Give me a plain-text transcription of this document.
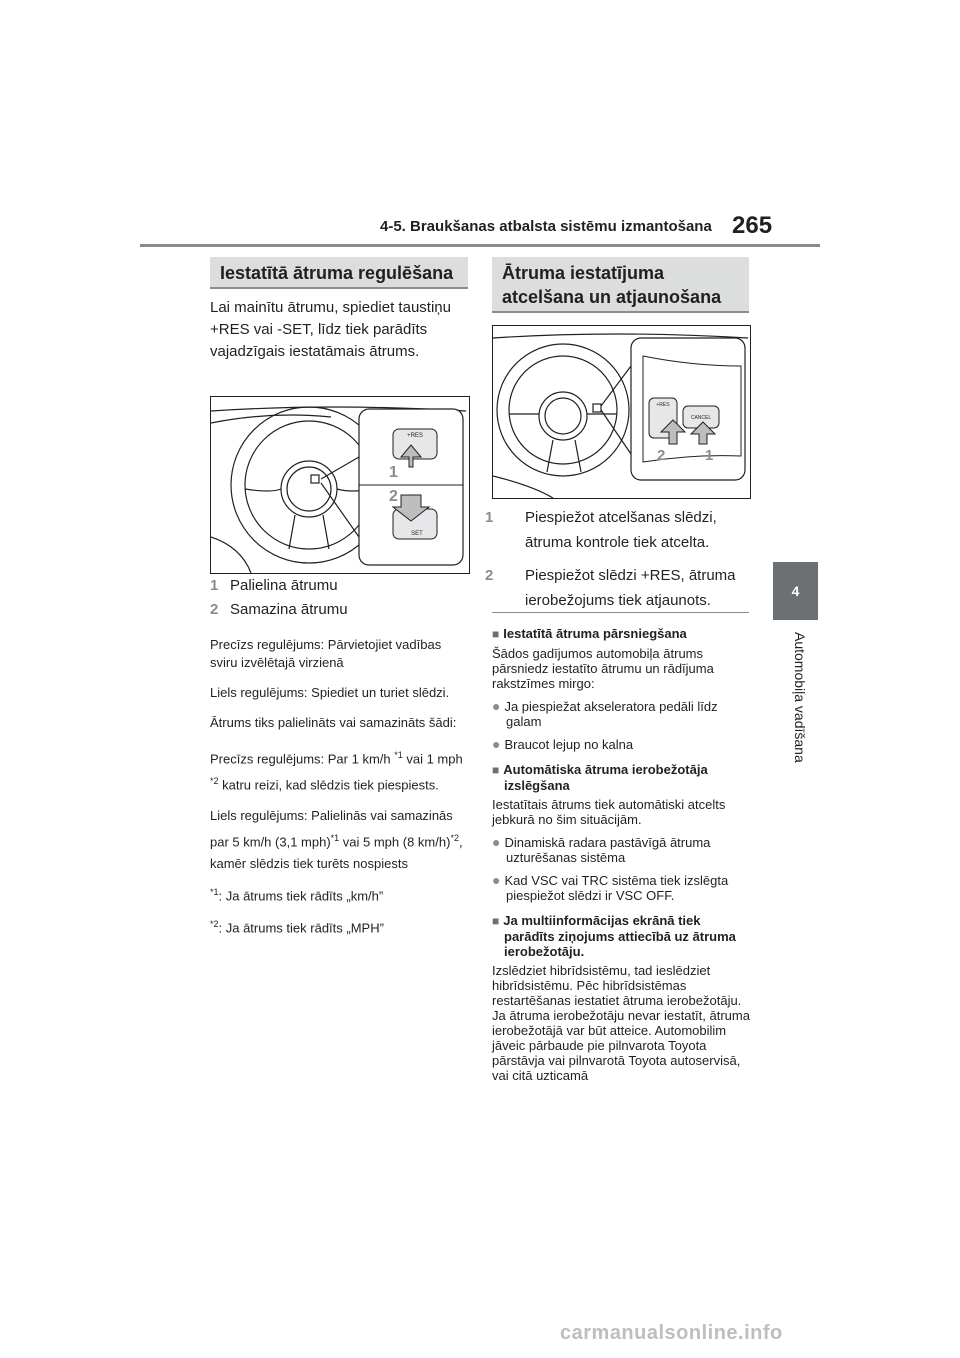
4-5. Braukšanas atbalsta sistēmu izmantošana 265
4
Automobiļa vadīšana
Iestatītā ātruma regulēšana
Lai mainītu ātrumu, spiediet taustiņu +RES vai -SET, līdz tiek parādīts vajadzīgais iestatāmais ātrums.
+RES
SET
1
2
1 Palielina ātrumu
2 Samazina ātrumu
Precīzs regulējums: Pārvietojiet vadības sviru izvēlētajā virzienā
Liels regulējums: Spiediet un turiet slēdzi.
Ātrums tiks palielināts vai samazināts šādi:
Precīzs regulējums: Par 1 km/h $^{*1}$ vai 1 mph $^{*2}$ katru reizi, kad slēdzis tiek piespiests.
Liels regulējums: Palielinās vai samazinās par 5 km/h (3,1 mph)$^{*1}$ vai 5 mph (8 km/h)$^{*2}$, kamēr slēdzis tiek turēts nospiests
$^{*1}$: Ja ātrums tiek rādīts „km/h”
$^{*2}$: Ja ātrums tiek rādīts „MPH”
Ātruma iestatījuma
atcelšana un atjaunošana
+RES
CANCEL
2	1
1 Piespiežot atcelšanas slēdzi, ātruma kontrole tiek atcelta.
2 Piespiežot slēdzi +RES, ātruma ierobežojums tiek atjaunots.
■ Iestatītā ātruma pārsniegšana
Šādos gadījumos automobiļa ātrums pārsniedz iestatīto ātrumu un rādījuma rakstzīmes mirgo:
● Ja piespiežat akseleratora pedāli līdz galam
● Braucot lejup no kalna
■ Automātiska ātruma ierobežotāja izslēgšana
Iestatītais ātrums tiek automātiski atcelts jebkurā no šim situācijām.
● Dinamiskā radara pastāvīgā ātruma uzturēšanas sistēma
● Kad VSC vai TRC sistēma tiek izslēgta piespiežot slēdzi ir VSC OFF.
■ Ja multiinformācijas ekrānā tiek parādīts ziņojums attiecībā uz ātruma ierobežotāju.
Izslēdziet hibrīdsistēmu, tad ieslēdziet hibrīdsistēmu. Pēc hibrīdsistēmas restartēšanas iestatiet ātruma ierobežotāju. Ja ātruma ierobežotāju nevar iestatīt, ātruma ierobežotājā var būt atteice. Automobilim jāveic pārbaude pie pilnvarota Toyota pārstāvja vai pilnvarotā Toyota autoservisā, vai citā uzticamā
carmanualsonline.info
